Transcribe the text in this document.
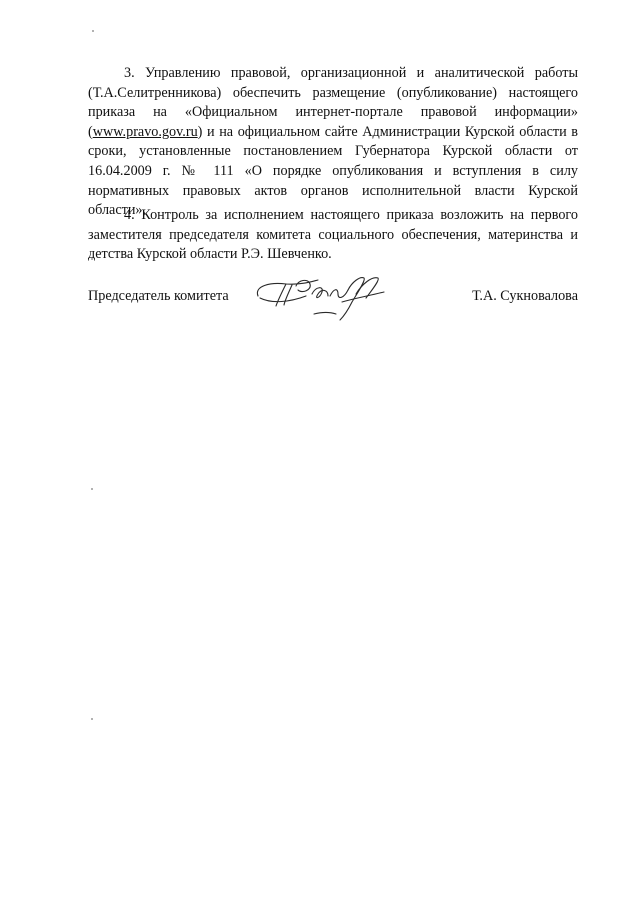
3. Управлению правовой, организационной и аналитической работы (Т.А.Селитренникова) обеспечить размещение (опубликование) настоящего приказа на «Официальном интернет-портале правовой информации» (www.pravo.gov.ru) и на официальном сайте Администрации Курской области в сроки, установленные постановлением Губернатора Курской области от 16.04.2009 г. № 111 «О порядке опубликования и вступления в силу нормативных правовых актов органов исполнительной власти Курской области».
4. Контроль за исполнением настоящего приказа возложить на первого заместителя председателя комитета социального обеспечения, материнства и детства Курской области Р.Э. Шевченко.
Председатель комитета	Т.А. Сукновалова
